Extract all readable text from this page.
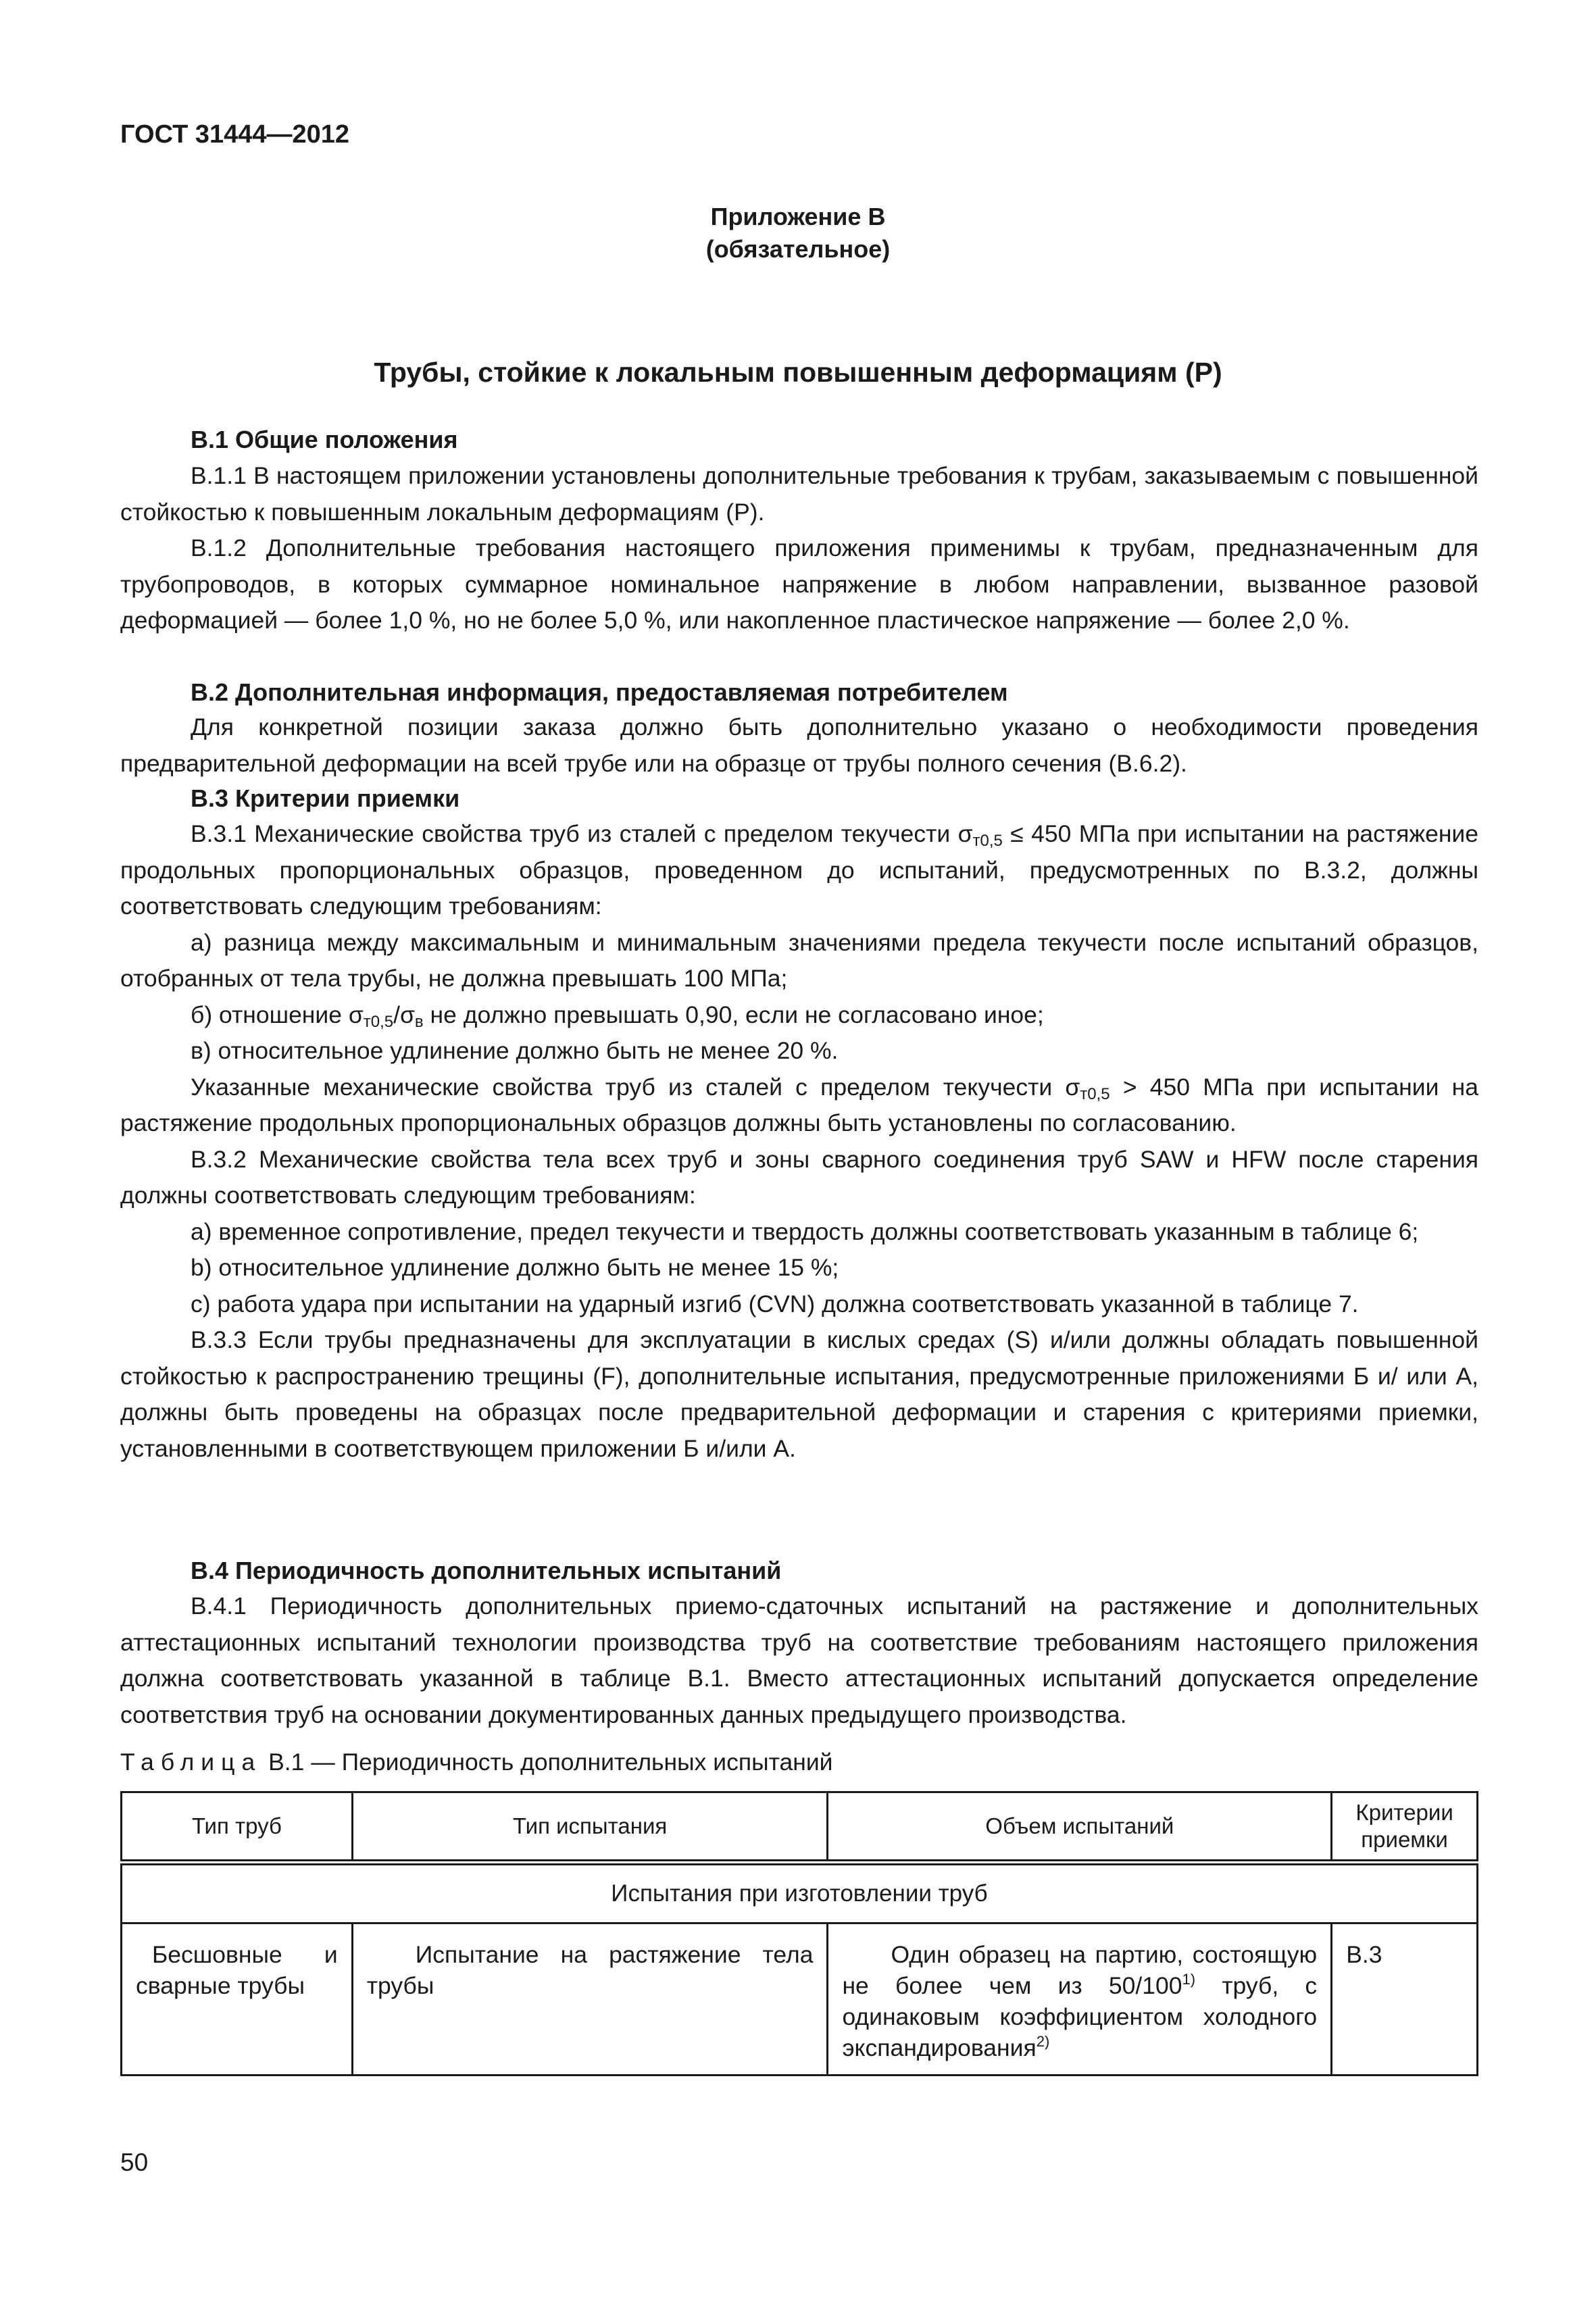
ГОСТ 31444—2012
Приложение В
(обязательное)
Трубы, стойкие к локальным повышенным деформациям (Р)
В.1 Общие положения

В.1.1 В настоящем приложении установлены дополнительные требования к трубам, заказываемым с повышенной стойкостью к повышенным локальным деформациям (Р).

В.1.2 Дополнительные требования настоящего приложения применимы к трубам, предназначенным для трубопроводов, в которых суммарное номинальное напряжение в любом направлении, вызванное разовой деформацией — более 1,0 %, но не более 5,0 %, или накопленное пластическое напряжение — более 2,0 %.

В.2 Дополнительная информация, предоставляемая потребителем

Для конкретной позиции заказа должно быть дополнительно указано о необходимости проведения предварительной деформации на всей трубе или на образце от трубы полного сечения (В.6.2).

В.3 Критерии приемки

В.3.1 Механические свойства труб из сталей с пределом текучести $\sigma_{т0,5} \le 450$ МПа при испытании на растяжение продольных пропорциональных образцов, проведенном до испытаний, предусмотренных по В.3.2, должны соответствовать следующим требованиям:

а) разница между максимальным и минимальным значениями предела текучести после испытаний образцов, отобранных от тела трубы, не должна превышать 100 МПа;

б) отношение $\sigma_{т0,5}/\sigma_в$ не должно превышать 0,90, если не согласовано иное;

в) относительное удлинение должно быть не менее 20 %.

Указанные механические свойства труб из сталей с пределом текучести $\sigma_{т0,5} > 450$ МПа при испытании на растяжение продольных пропорциональных образцов должны быть установлены по согласованию.

В.3.2 Механические свойства тела всех труб и зоны сварного соединения труб SAW и HFW после старения должны соответствовать следующим требованиям:

а) временное сопротивление, предел текучести и твердость должны соответствовать указанным в таблице 6;

b) относительное удлинение должно быть не менее 15 %;

с) работа удара при испытании на ударный изгиб (CVN) должна соответствовать указанной в таблице 7.

В.3.3 Если трубы предназначены для эксплуатации в кислых средах (S) и/или должны обладать повышенной стойкостью к распространению трещины (F), дополнительные испытания, предусмотренные приложениями Б и/ или А, должны быть проведены на образцах после предварительной деформации и старения с критериями приемки, установленными в соответствующем приложении Б и/или А.

В.4 Периодичность дополнительных испытаний

В.4.1 Периодичность дополнительных приемо-сдаточных испытаний на растяжение и дополнительных аттестационных испытаний технологии производства труб на соответствие требованиям настоящего приложения должна соответствовать указанной в таблице В.1. Вместо аттестационных испытаний допускается определение соответствия труб на основании документированных данных предыдущего производства.

Таблица В.1 — Периодичность дополнительных испытаний
Тип труб	Тип испытания	Объем испытаний	Критерии приемки
Испытания при изготовлении труб			

Бесшовные и сварные трубы	Испытание на растяжение тела трубы	Один образец на партию, состоящую не более чем из 50/100$^{1)}$ труб, с одинаковым коэффициентом холодного экспандирования$^{2)}$	В.3

50
